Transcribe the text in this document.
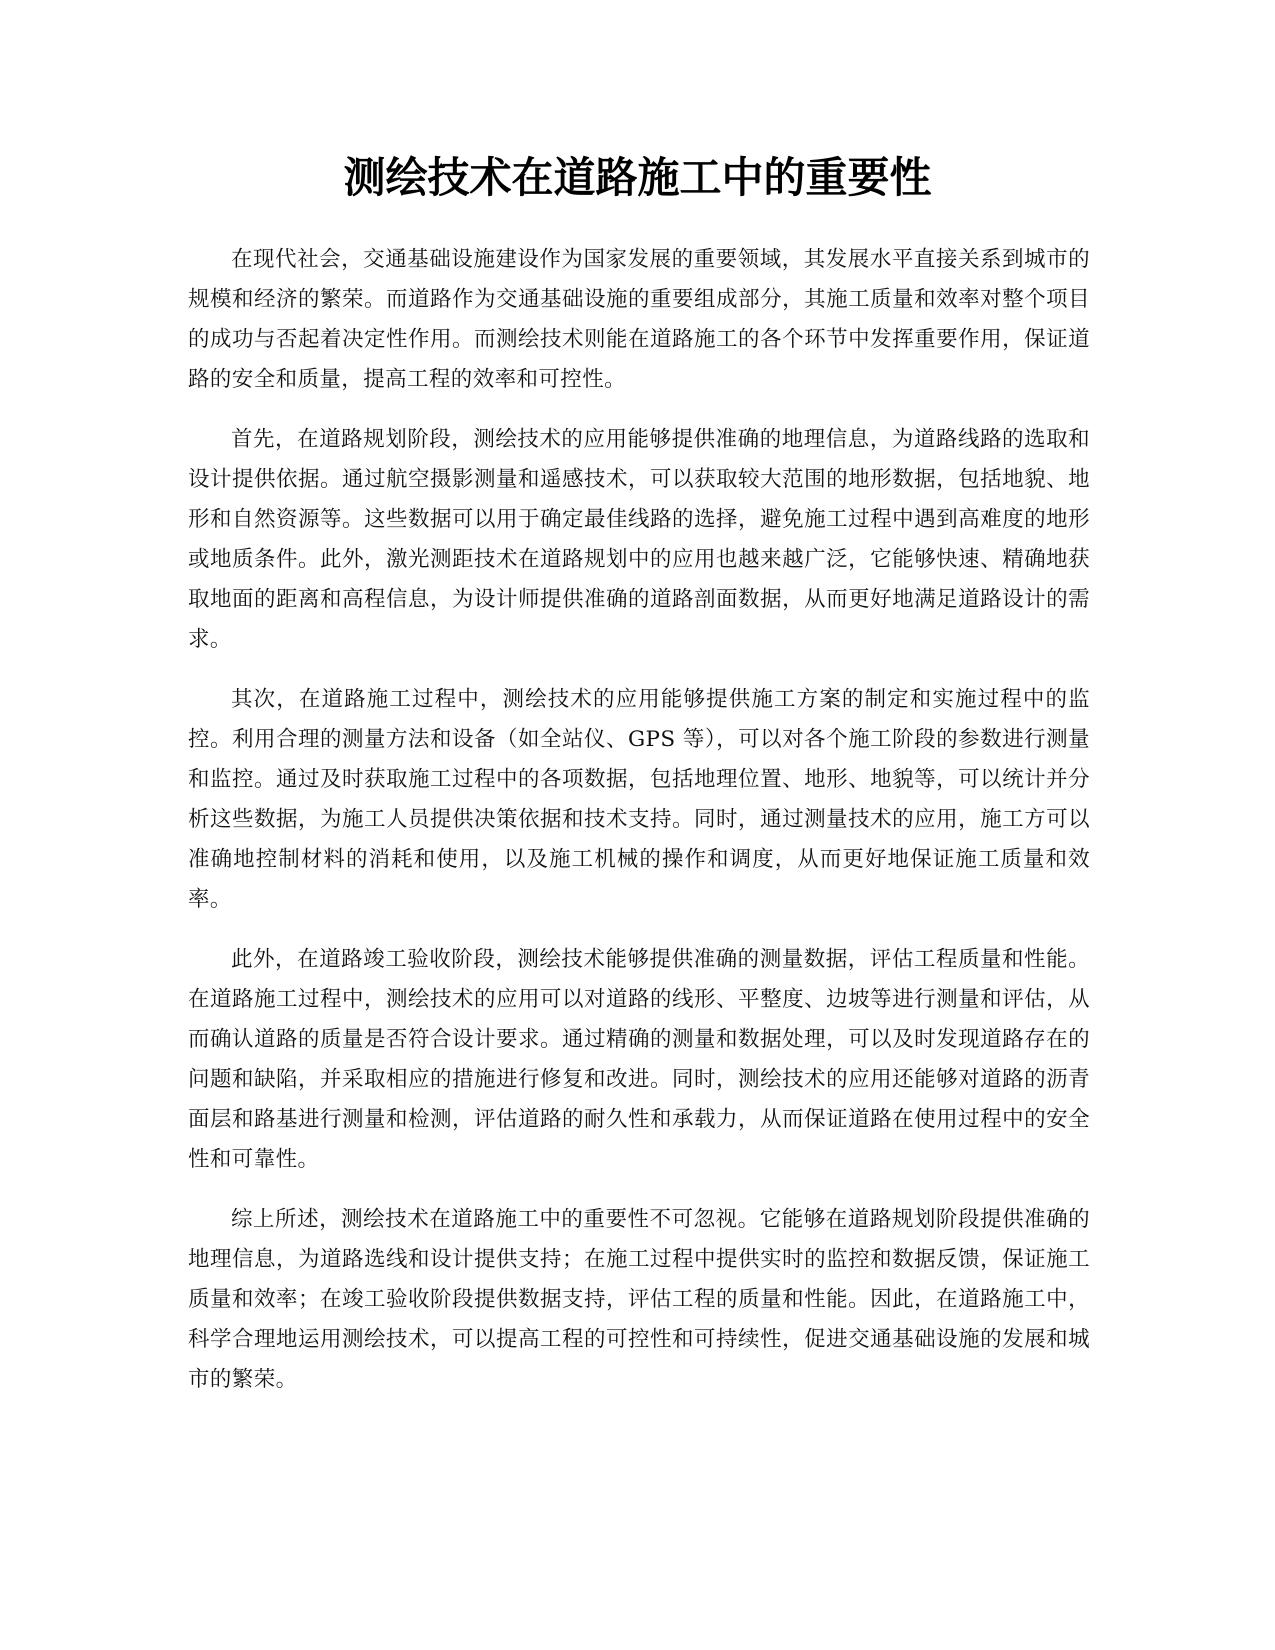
测绘技术在道路施工中的重要性

在现代社会，交通基础设施建设作为国家发展的重要领域，其发展水平直接关系到城市的规模和经济的繁荣。而道路作为交通基础设施的重要组成部分，其施工质量和效率对整个项目的成功与否起着决定性作用。而测绘技术则能在道路施工的各个环节中发挥重要作用，保证道路的安全和质量，提高工程的效率和可控性。

首先，在道路规划阶段，测绘技术的应用能够提供准确的地理信息，为道路线路的选取和设计提供依据。通过航空摄影测量和遥感技术，可以获取较大范围的地形数据，包括地貌、地形和自然资源等。这些数据可以用于确定最佳线路的选择，避免施工过程中遇到高难度的地形或地质条件。此外，激光测距技术在道路规划中的应用也越来越广泛，它能够快速、精确地获取地面的距离和高程信息，为设计师提供准确的道路剖面数据，从而更好地满足道路设计的需求。

其次，在道路施工过程中，测绘技术的应用能够提供施工方案的制定和实施过程中的监控。利用合理的测量方法和设备（如全站仪、GPS 等），可以对各个施工阶段的参数进行测量和监控。通过及时获取施工过程中的各项数据，包括地理位置、地形、地貌等，可以统计并分析这些数据，为施工人员提供决策依据和技术支持。同时，通过测量技术的应用，施工方可以准确地控制材料的消耗和使用，以及施工机械的操作和调度，从而更好地保证施工质量和效率。

此外，在道路竣工验收阶段，测绘技术能够提供准确的测量数据，评估工程质量和性能。在道路施工过程中，测绘技术的应用可以对道路的线形、平整度、边坡等进行测量和评估，从而确认道路的质量是否符合设计要求。通过精确的测量和数据处理，可以及时发现道路存在的问题和缺陷，并采取相应的措施进行修复和改进。同时，测绘技术的应用还能够对道路的沥青面层和路基进行测量和检测，评估道路的耐久性和承载力，从而保证道路在使用过程中的安全性和可靠性。

综上所述，测绘技术在道路施工中的重要性不可忽视。它能够在道路规划阶段提供准确的地理信息，为道路选线和设计提供支持；在施工过程中提供实时的监控和数据反馈，保证施工质量和效率；在竣工验收阶段提供数据支持，评估工程的质量和性能。因此，在道路施工中，科学合理地运用测绘技术，可以提高工程的可控性和可持续性，促进交通基础设施的发展和城市的繁荣。
